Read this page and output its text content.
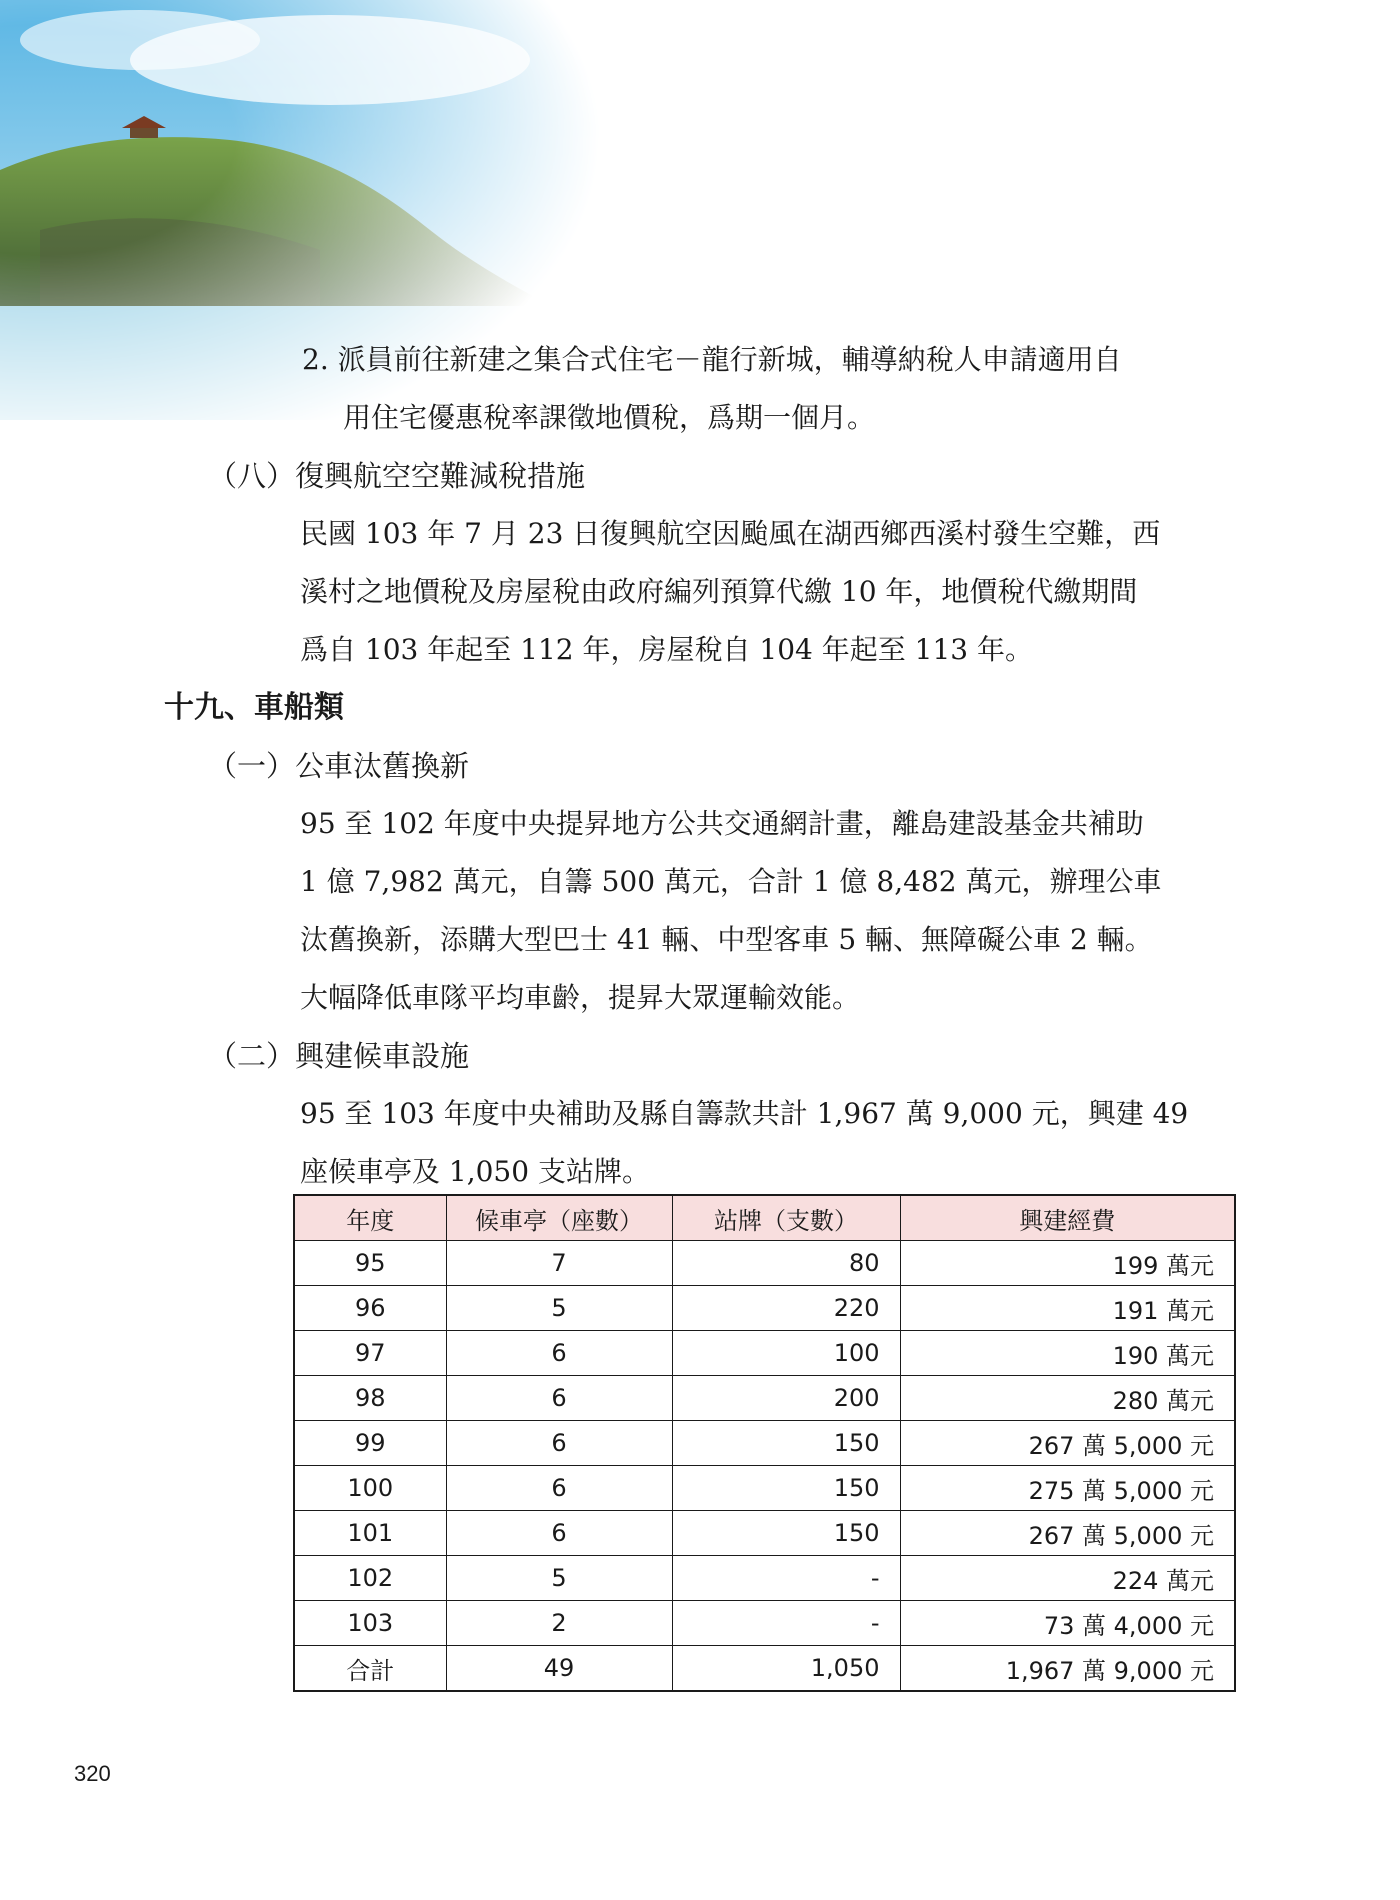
2. 派員前往新建之集合式住宅－龍行新城，輔導納稅人申請適用自

用住宅優惠稅率課徵地價稅，爲期一個月。

（八）復興航空空難減稅措施

民國 103 年 7 月 23 日復興航空因颱風在湖西鄉西溪村發生空難，西

溪村之地價稅及房屋稅由政府編列預算代繳 10 年，地價稅代繳期間

爲自 103 年起至 112 年，房屋稅自 104 年起至 113 年。

十九、車船類
（一）公車汰舊換新

95 至 102 年度中央提昇地方公共交通網計畫，離島建設基金共補助

1 億 7,982 萬元，自籌 500 萬元，合計 1 億 8,482 萬元，辦理公車

汰舊換新，添購大型巴士 41 輛、中型客車 5 輛、無障礙公車 2 輛。

大幅降低車隊平均車齡，提昇大眾運輸效能。

（二）興建候車設施

95 至 103 年度中央補助及縣自籌款共計 1,967 萬 9,000 元，興建 49

座候車亭及 1,050 支站牌。

年度	候車亭（座數）	站牌（支數）	興建經費
95	7	80	199 萬元
96	5	220	191 萬元
97	6	100	190 萬元
98	6	200	280 萬元
99	6	150	267 萬 5,000 元
100	6	150	275 萬 5,000 元
101	6	150	267 萬 5,000 元
102	5	-	224 萬元
103	2	-	73 萬 4,000 元
合計	49	1,050	1,967 萬 9,000 元
320
